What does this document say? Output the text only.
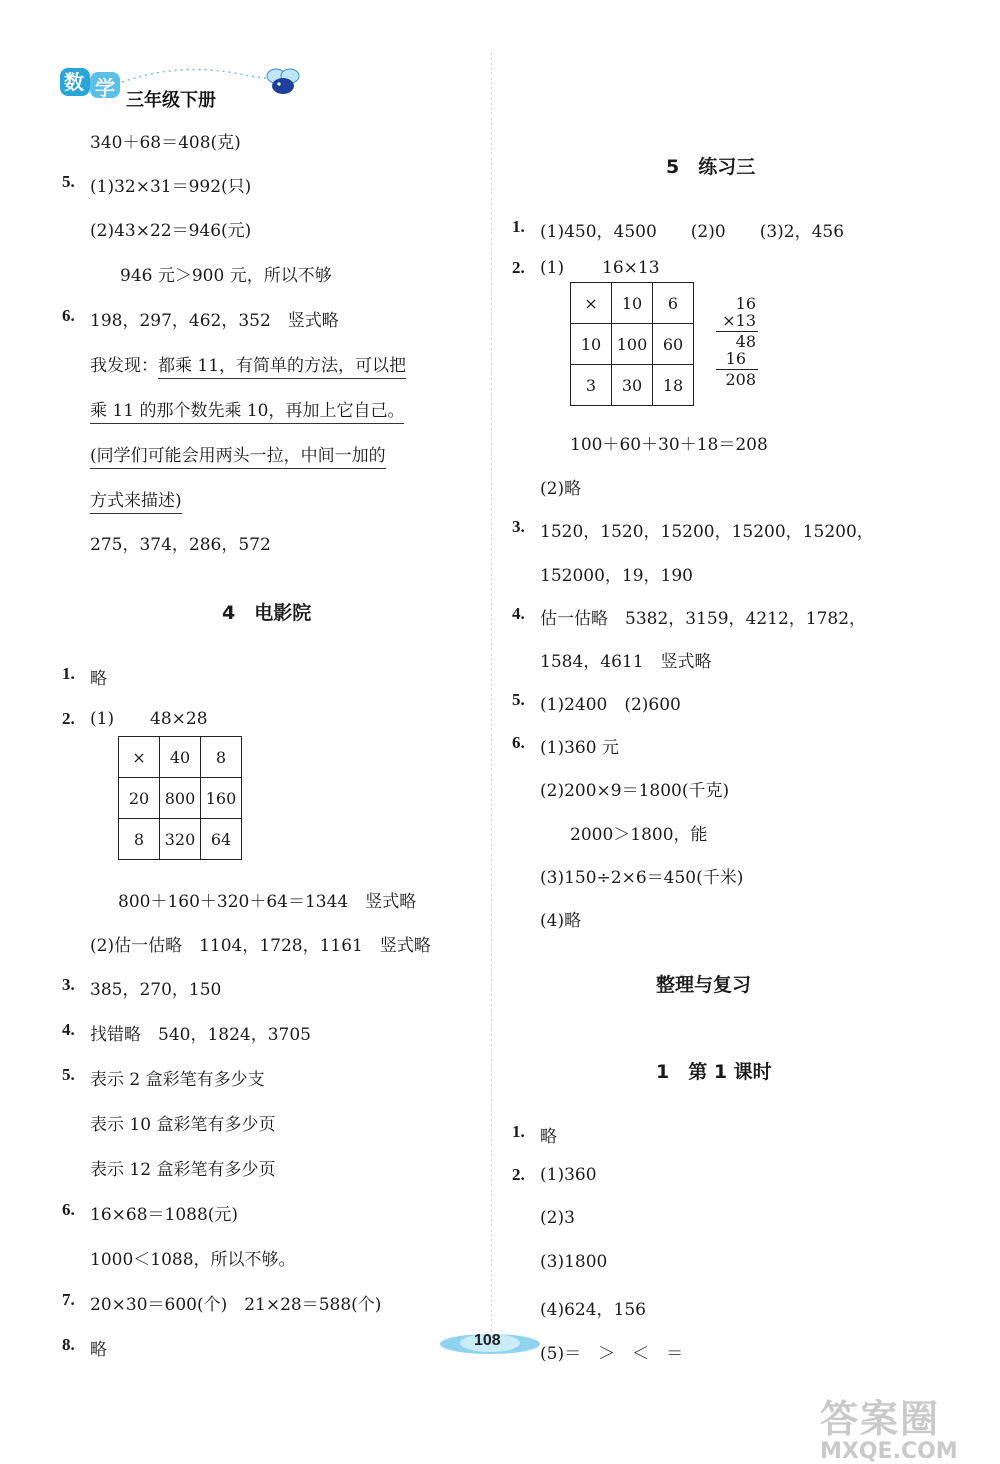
数 学
三年级下册
340＋68＝408(克)
5. (1)32×31＝992(只)
(2)43×22＝946(元)
946 元＞900 元，所以不够
6. 198，297，462，352　竖式略
我发现：都乘 11，有简单的方法，可以把
乘 11 的那个数先乘 10，再加上它自己。
(同学们可能会用两头一拉，中间一加的
方式来描述)
275，374，286，572
4　电影院
1. 略
2. (1) 48×28
×	40	8
20	800	160
8	320	64
800＋160＋320＋64＝1344　竖式略
(2)估一估略　1104，1728，1161　竖式略
3. 385，270，150
4. 找错略　540，1824，3705
5. 表示 2 盒彩笔有多少支
表示 10 盒彩笔有多少页
表示 12 盒彩笔有多少页
6. 16×68＝1088(元)
1000＜1088，所以不够。
7. 20×30＝600(个)　21×28＝588(个)
8. 略
5　练习三
1. (1)450，4500　　(2)0　　(3)2，456
2. (1) 16×13
×	10	6
10	100	60
3	30	18
16
×13
48
16
208
100＋60＋30＋18＝208
(2)略
3. 1520，1520，15200，15200，15200，
152000，19，190
4. 估一估略　5382，3159，4212，1782，
1584，4611　竖式略
5. (1)2400　(2)600
6. (1)360 元
(2)200×9＝1800(千克)
2000＞1800，能
(3)150÷2×6＝450(千米)
(4)略
整理与复习
1　第 1 课时
1. 略
2. (1)360
(2)3
(3)1800
(4)624，156
(5)＝　＞　＜　＝
108
答案圈
MXQE.COM
